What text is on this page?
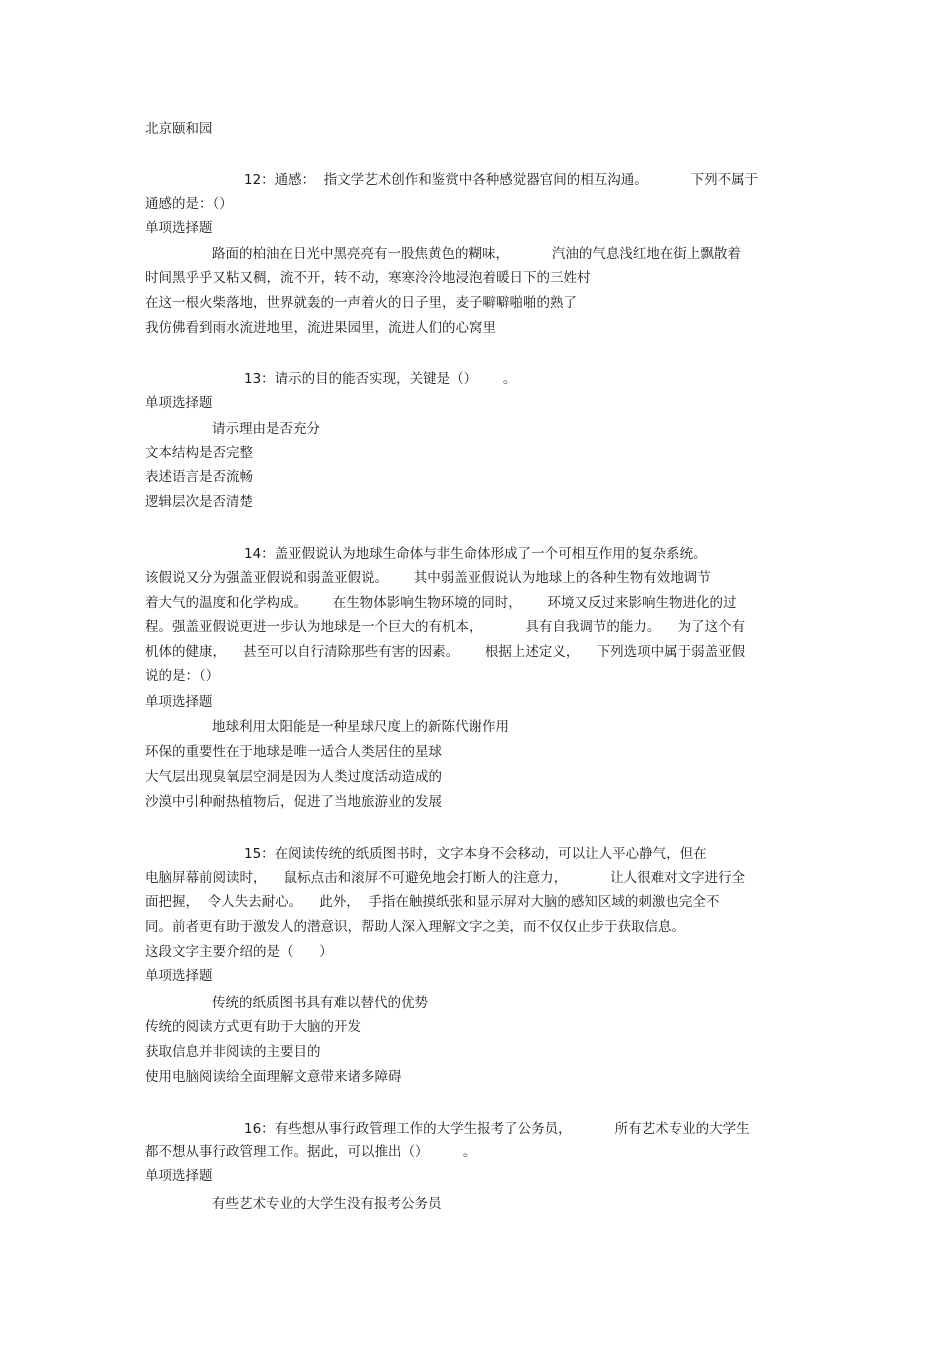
北京颐和园
12：通感：  指文学艺术创作和鉴赏中各种感觉器官间的相互沟通。          下列不属于
通感的是：（）
单项选择题
路面的柏油在日光中黑亮亮有一股焦黄色的糊味，          汽油的气息浅红地在街上飘散着
时间黑乎乎又粘又稠，流不开，转不动，寒寒泠泠地浸泡着暖日下的三姓村
在这一根火柴落地，世界就轰的一声着火的日子里，麦子噼噼啪啪的熟了
我仿佛看到雨水流进地里，流进果园里，流进人们的心窝里
13：请示的目的能否实现，关键是（）      。
单项选择题
请示理由是否充分
文本结构是否完整
表述语言是否流畅
逻辑层次是否清楚
14：盖亚假说认为地球生命体与非生命体形成了一个可相互作用的复杂系统。
该假说又分为强盖亚假说和弱盖亚假说。      其中弱盖亚假说认为地球上的各种生物有效地调节
着大气的温度和化学构成。      在生物体影响生物环境的同时，      环境又反过来影响生物进化的过
程。强盖亚假说更进一步认为地球是一个巨大的有机本，          具有自我调节的能力。    为了这个有
机体的健康，    甚至可以自行清除那些有害的因素。      根据上述定义，    下列选项中属于弱盖亚假
说的是：（）
单项选择题
地球利用太阳能是一种星球尺度上的新陈代谢作用
环保的重要性在于地球是唯一适合人类居住的星球
大气层出现臭氧层空洞是因为人类过度活动造成的
沙漠中引种耐热植物后，促进了当地旅游业的发展
15：在阅读传统的纸质图书时，文字本身不会移动，可以让人平心静气，但在
电脑屏幕前阅读时，    鼠标点击和滚屏不可避免地会打断人的注意力，          让人很难对文字进行全
面把握，  令人失去耐心。    此外，  手指在触摸纸张和显示屏对大脑的感知区域的刺激也完全不
同。前者更有助于激发人的潜意识，帮助人深入理解文字之美，而不仅仅止步于获取信息。
这段文字主要介绍的是（      ）
单项选择题
传统的纸质图书具有难以替代的优势
传统的阅读方式更有助于大脑的开发
获取信息并非阅读的主要目的
使用电脑阅读给全面理解文意带来诸多障碍
16：有些想从事行政管理工作的大学生报考了公务员，          所有艺术专业的大学生
都不想从事行政管理工作。据此，可以推出（）        。
单项选择题
有些艺术专业的大学生没有报考公务员
